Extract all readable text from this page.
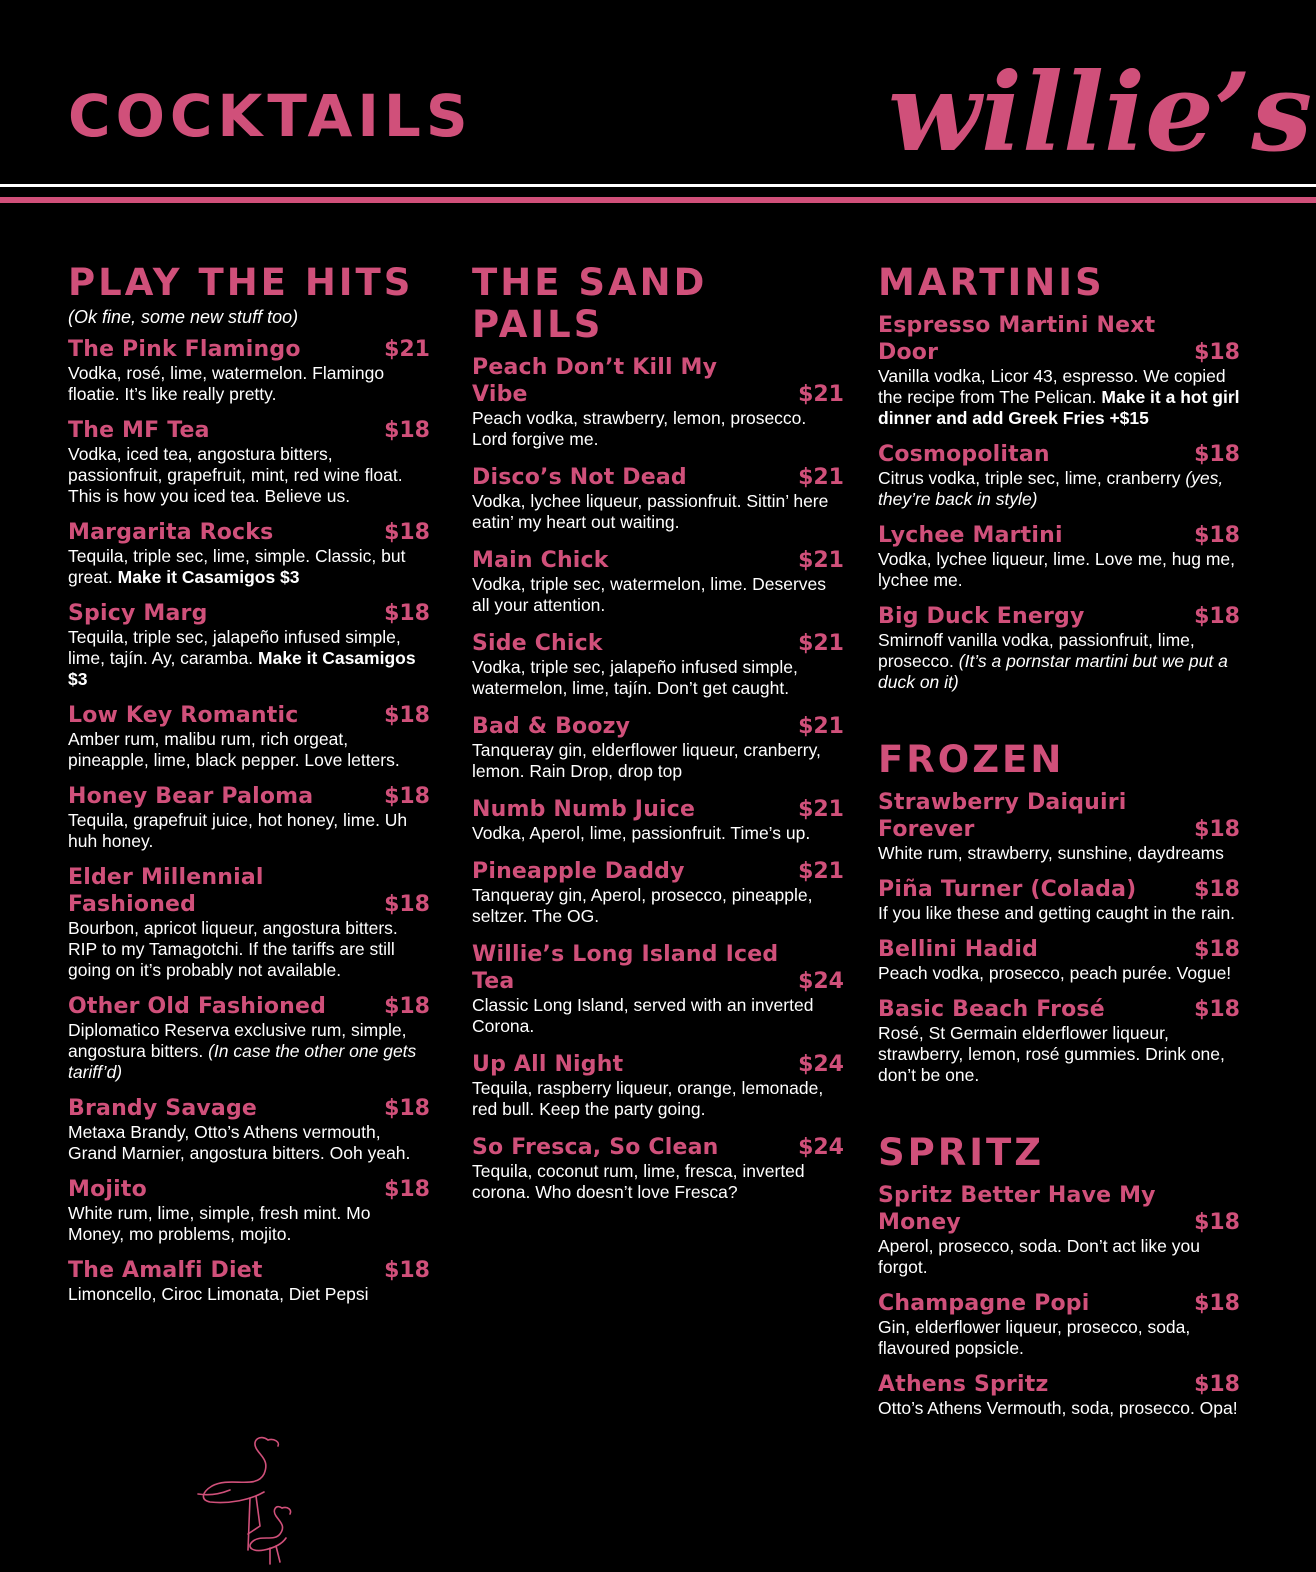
COCKTAILS	willie’s
PLAY THE HITS
(Ok fine, some new stuff too)
The Pink Flamingo	$21
Vodka, rosé, lime, watermelon. Flamingo floatie. It’s like really pretty.
The MF Tea	$18
Vodka, iced tea, angostura bitters, passionfruit, grapefruit, mint, red wine float. This is how you iced tea. Believe us.
Margarita Rocks	$18
Tequila, triple sec, lime, simple. Classic, but great. Make it Casamigos $3
Spicy Marg	$18
Tequila, triple sec, jalapeño infused simple, lime, tajín. Ay, caramba. Make it Casamigos $3
Low Key Romantic	$18
Amber rum, malibu rum, rich orgeat, pineapple, lime, black pepper. Love letters.
Honey Bear Paloma	$18
Tequila, grapefruit juice, hot honey, lime. Uh huh honey.
Elder Millennial Fashioned	$18
Bourbon, apricot liqueur, angostura bitters. RIP to my Tamagotchi. If the tariffs are still going on it’s probably not available.
Other Old Fashioned	$18
Diplomatico Reserva exclusive rum, simple, angostura bitters. (In case the other one gets tariff’d)
Brandy Savage	$18
Metaxa Brandy, Otto’s Athens vermouth, Grand Marnier, angostura bitters. Ooh yeah.
Mojito	$18
White rum, lime, simple, fresh mint. Mo Money, mo problems, mojito.
The Amalfi Diet	$18
Limoncello, Ciroc Limonata, Diet Pepsi
THE SAND PAILS
Peach Don’t Kill My Vibe	$21
Peach vodka, strawberry, lemon, prosecco. Lord forgive me.
Disco’s Not Dead	$21
Vodka, lychee liqueur, passionfruit. Sittin’ here eatin’ my heart out waiting.
Main Chick	$21
Vodka, triple sec, watermelon, lime. Deserves all your attention.
Side Chick	$21
Vodka, triple sec, jalapeño infused simple, watermelon, lime, tajín. Don’t get caught.
Bad & Boozy	$21
Tanqueray gin, elderflower liqueur, cranberry, lemon. Rain Drop, drop top
Numb Numb Juice	$21
Vodka, Aperol, lime, passionfruit. Time’s up.
Pineapple Daddy	$21
Tanqueray gin, Aperol, prosecco, pineapple, seltzer. The OG.
Willie’s Long Island Iced Tea	$24
Classic Long Island, served with an inverted Corona.
Up All Night	$24
Tequila, raspberry liqueur, orange, lemonade, red bull. Keep the party going.
So Fresca, So Clean	$24
Tequila, coconut rum, lime, fresca, inverted corona. Who doesn’t love Fresca?
MARTINIS
Espresso Martini Next Door	$18
Vanilla vodka, Licor 43, espresso. We copied the recipe from The Pelican. Make it a hot girl dinner and add Greek Fries +$15
Cosmopolitan	$18
Citrus vodka, triple sec, lime, cranberry (yes, they’re back in style)
Lychee Martini	$18
Vodka, lychee liqueur, lime. Love me, hug me, lychee me.
Big Duck Energy	$18
Smirnoff vanilla vodka, passionfruit, lime, prosecco. (It’s a pornstar martini but we put a duck on it)
FROZEN
Strawberry Daiquiri Forever	$18
White rum, strawberry, sunshine, daydreams
Piña Turner (Colada)	$18
If you like these and getting caught in the rain.
Bellini Hadid	$18
Peach vodka, prosecco, peach purée. Vogue!
Basic Beach Frosé	$18
Rosé, St Germain elderflower liqueur, strawberry, lemon, rosé gummies. Drink one, don’t be one.
SPRITZ
Spritz Better Have My Money	$18
Aperol, prosecco, soda. Don’t act like you forgot.
Champagne Popi	$18
Gin, elderflower liqueur, prosecco, soda, flavoured popsicle.
Athens Spritz	$18
Otto’s Athens Vermouth, soda, prosecco. Opa!
